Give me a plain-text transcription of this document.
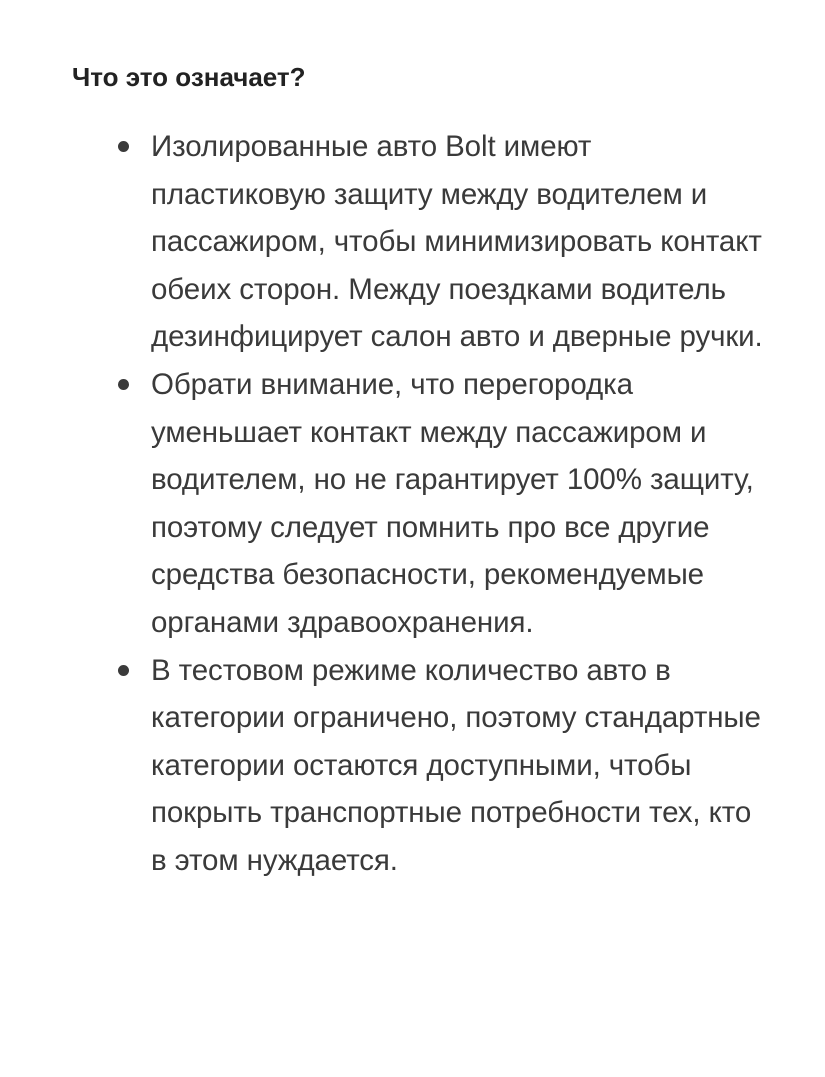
Что это означает?
Изолированные авто Bolt имеют пластиковую защиту между водителем и пассажиром, чтобы минимизировать контакт обеих сторон. Между поездками водитель дезинфицирует салон авто и дверные ручки.
Обрати внимание, что перегородка уменьшает контакт между пассажиром и водителем, но не гарантирует 100% защиту, поэтому следует помнить про все другие средства безопасности, рекомендуемые органами здравоохранения.
В тестовом режиме количество авто в категории ограничено, поэтому стандартные категории остаются доступными, чтобы покрыть транспортные потребности тех, кто в этом нуждается.
